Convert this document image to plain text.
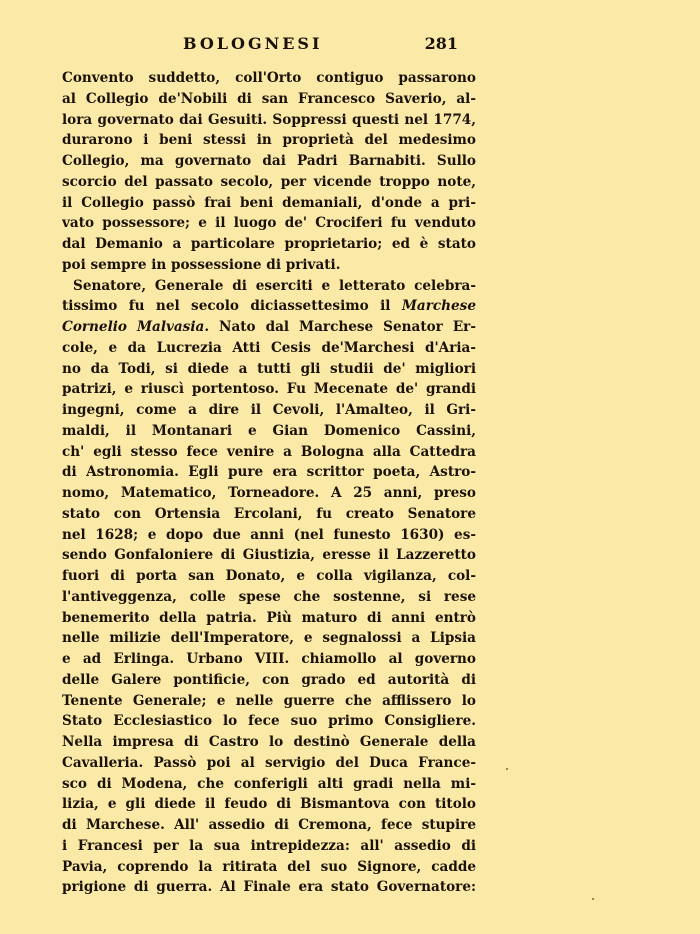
BOLOGNESI	281
Convento suddetto, coll'Orto contiguo passarono
al Collegio de'Nobili di san Francesco Saverio, al-
lora governato dai Gesuiti. Soppressi questi nel 1774,
durarono i beni stessi in proprietà del medesimo
Collegio, ma governato dai Padri Barnabiti. Sullo
scorcio del passato secolo, per vicende troppo note,
il Collegio passò frai beni demaniali, d'onde a pri-
vato possessore; e il luogo de' Crociferi fu venduto
dal Demanio a particolare proprietario; ed è stato
poi sempre in possessione di privati.
Senatore, Generale di eserciti e letterato celebra-
tissimo fu nel secolo diciassettesimo il Marchese
Cornelio Malvasia. Nato dal Marchese Senator Er-
cole, e da Lucrezia Atti Cesis de'Marchesi d'Aria-
no da Todi, si diede a tutti gli studii de' migliori
patrizi, e riuscì portentoso. Fu Mecenate de' grandi
ingegni, come a dire il Cevoli, l'Amalteo, il Gri-
maldi, il Montanari e Gian Domenico Cassini,
ch' egli stesso fece venire a Bologna alla Cattedra
di Astronomia. Egli pure era scrittor poeta, Astro-
nomo, Matematico, Torneadore. A 25 anni, preso
stato con Ortensia Ercolani, fu creato Senatore
nel 1628; e dopo due anni (nel funesto 1630) es-
sendo Gonfaloniere di Giustizia, eresse il Lazzeretto
fuori di porta san Donato, e colla vigilanza, col-
l'antiveggenza, colle spese che sostenne, si rese
benemerito della patria. Più maturo di anni entrò
nelle milizie dell'Imperatore, e segnalossi a Lipsia
e ad Erlinga. Urbano VIII. chiamollo al governo
delle Galere pontificie, con grado ed autorità di
Tenente Generale; e nelle guerre che afflissero lo
Stato Ecclesiastico lo fece suo primo Consigliere.
Nella impresa di Castro lo destinò Generale della
Cavalleria. Passò poi al servigio del Duca France-
sco di Modena, che conferigli alti gradi nella mi-
lizia, e gli diede il feudo di Bismantova con titolo
di Marchese. All' assedio di Cremona, fece stupire
i Francesi per la sua intrepidezza: all' assedio di
Pavia, coprendo la ritirata del suo Signore, cadde
prigione di guerra. Al Finale era stato Governatore:
